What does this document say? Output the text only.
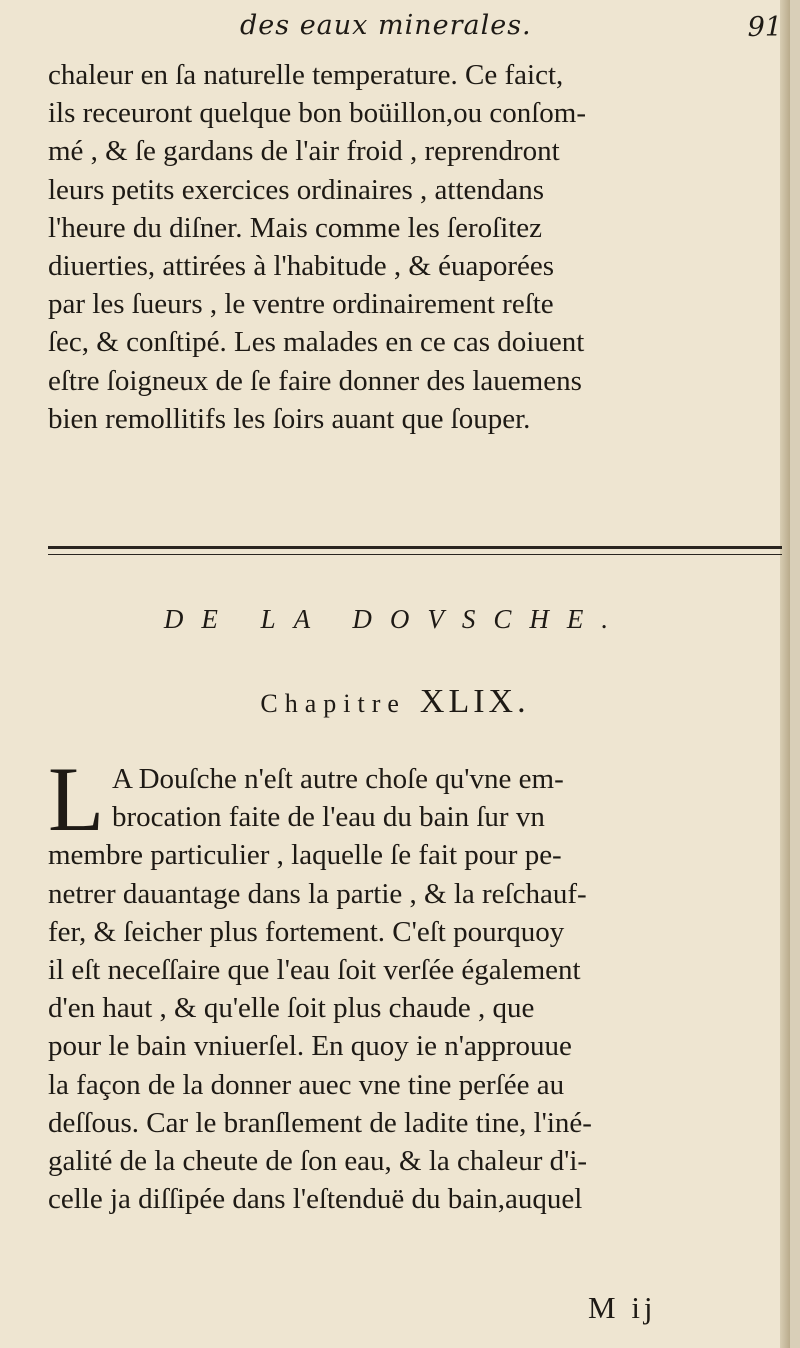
des eaux minerales.	91
chaleur en ſa naturelle temperature. Ce faict,
ils receuront quelque bon boüillon,ou conſom-
mé , & ſe gardans de l'air froid , reprendront
leurs petits exercices ordinaires , attendans
l'heure du diſner. Mais comme les ſeroſitez
diuerties, attirées à l'habitude , & éuaporées
par les ſueurs , le ventre ordinairement reſte
ſec, & conſtipé. Les malades en ce cas doiuent
eſtre ſoigneux de ſe faire donner des lauemens
bien remollitifs les ſoirs auant que ſouper.
DE LA DOVSCHE.
Chapitre XLIX.
L A Douſche n'eſt autre choſe qu'vne em-
brocation faite de l'eau du bain ſur vn
membre particulier , laquelle ſe fait pour pe-
netrer dauantage dans la partie , & la reſchauf-
fer, & ſeicher plus fortement. C'eſt pourquoy
il eſt neceſſaire que l'eau ſoit verſée également
d'en haut , & qu'elle ſoit plus chaude , que
pour le bain vniuerſel. En quoy ie n'approuue
la façon de la donner auec vne tine perſée au
deſſous. Car le branſlement de ladite tine, l'iné-
galité de la cheute de ſon eau, & la chaleur d'i-
celle ja diſſipée dans l'eſtenduë du bain,auquel
M ij
